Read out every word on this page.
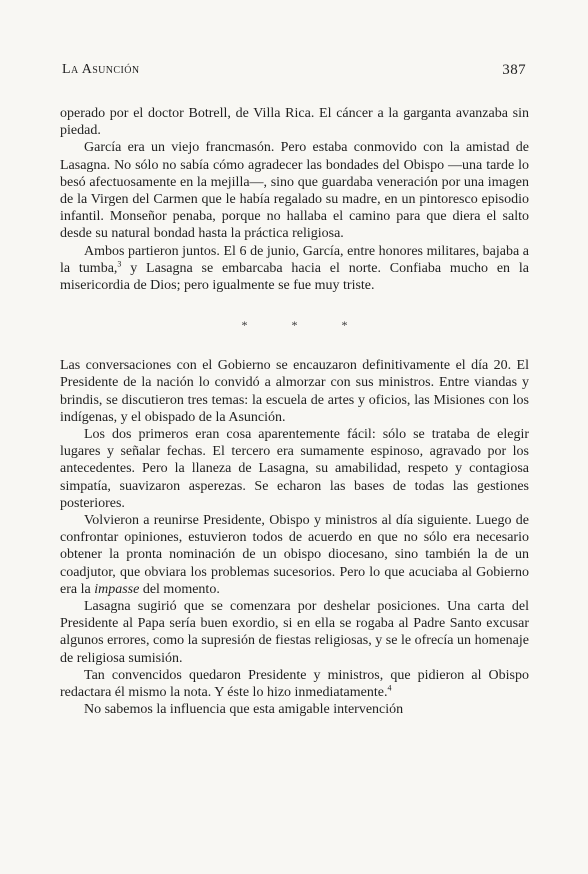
La Asunción	387

operado por el doctor Botrell, de Villa Rica. El cáncer a la garganta avanzaba sin piedad.

García era un viejo francmasón. Pero estaba conmovido con la amistad de Lasagna. No sólo no sabía cómo agradecer las bondades del Obispo —una tarde lo besó afectuosamente en la mejilla—, sino que guardaba veneración por una imagen de la Virgen del Carmen que le había regalado su madre, en un pintoresco episodio infantil. Monseñor penaba, porque no hallaba el camino para que diera el salto desde su natural bondad hasta la práctica religiosa.

Ambos partieron juntos. El 6 de junio, García, entre honores militares, bajaba a la tumba,$^3$ y Lasagna se embarcaba hacia el norte. Confiaba mucho en la misericordia de Dios; pero igualmente se fue muy triste.

*	*	*

Las conversaciones con el Gobierno se encauzaron definitivamente el día 20. El Presidente de la nación lo convidó a almorzar con sus ministros. Entre viandas y brindis, se discutieron tres temas: la escuela de artes y oficios, las Misiones con los indígenas, y el obispado de la Asunción.

Los dos primeros eran cosa aparentemente fácil: sólo se trataba de elegir lugares y señalar fechas. El tercero era sumamente espinoso, agravado por los antecedentes. Pero la llaneza de Lasagna, su amabilidad, respeto y contagiosa simpatía, suavizaron asperezas. Se echaron las bases de todas las gestiones posteriores.

Volvieron a reunirse Presidente, Obispo y ministros al día siguiente. Luego de confrontar opiniones, estuvieron todos de acuerdo en que no sólo era necesario obtener la pronta nominación de un obispo diocesano, sino también la de un coadjutor, que obviara los problemas sucesorios. Pero lo que acuciaba al Gobierno era la impasse del momento.

Lasagna sugirió que se comenzara por deshelar posiciones. Una carta del Presidente al Papa sería buen exordio, si en ella se rogaba al Padre Santo excusar algunos errores, como la supresión de fiestas religiosas, y se le ofrecía un homenaje de religiosa sumisión.

Tan convencidos quedaron Presidente y ministros, que pidieron al Obispo redactara él mismo la nota. Y éste lo hizo inmediatamente.$^4$

No sabemos la influencia que esta amigable intervención
